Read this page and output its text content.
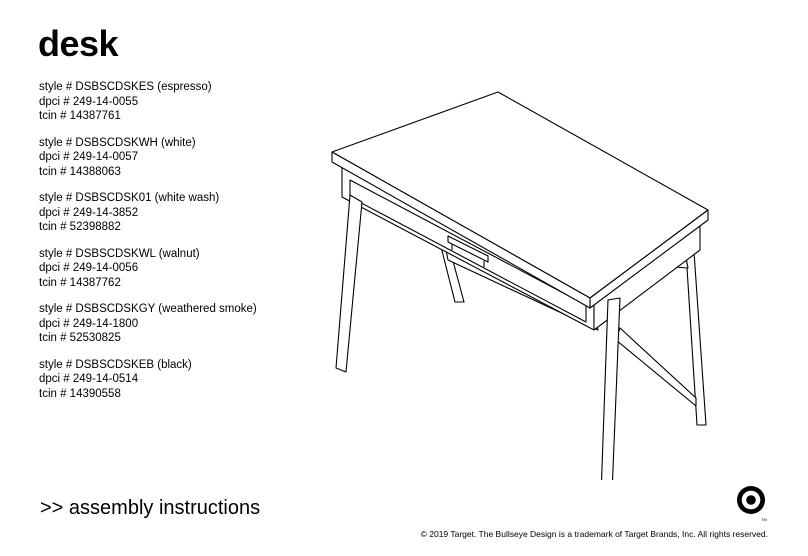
desk
style # DSBSCDSKES (espresso)
dpci # 249-14-0055
tcin # 14387761
style # DSBSCDSKWH (white)
dpci # 249-14-0057
tcin # 14388063
style # DSBSCDSK01 (white wash)
dpci # 249-14-3852
tcin # 52398882
style # DSBSCDSKWL (walnut)
dpci # 249-14-0056
tcin # 14387762
style # DSBSCDSKGY (weathered smoke)
dpci # 249-14-1800
tcin # 52530825
style # DSBSCDSKEB (black)
dpci # 249-14-0514
tcin # 14390558
>> assembly instructions
TM
© 2019 Target. The Bullseye Design is a trademark of Target Brands, Inc. All rights reserved.
